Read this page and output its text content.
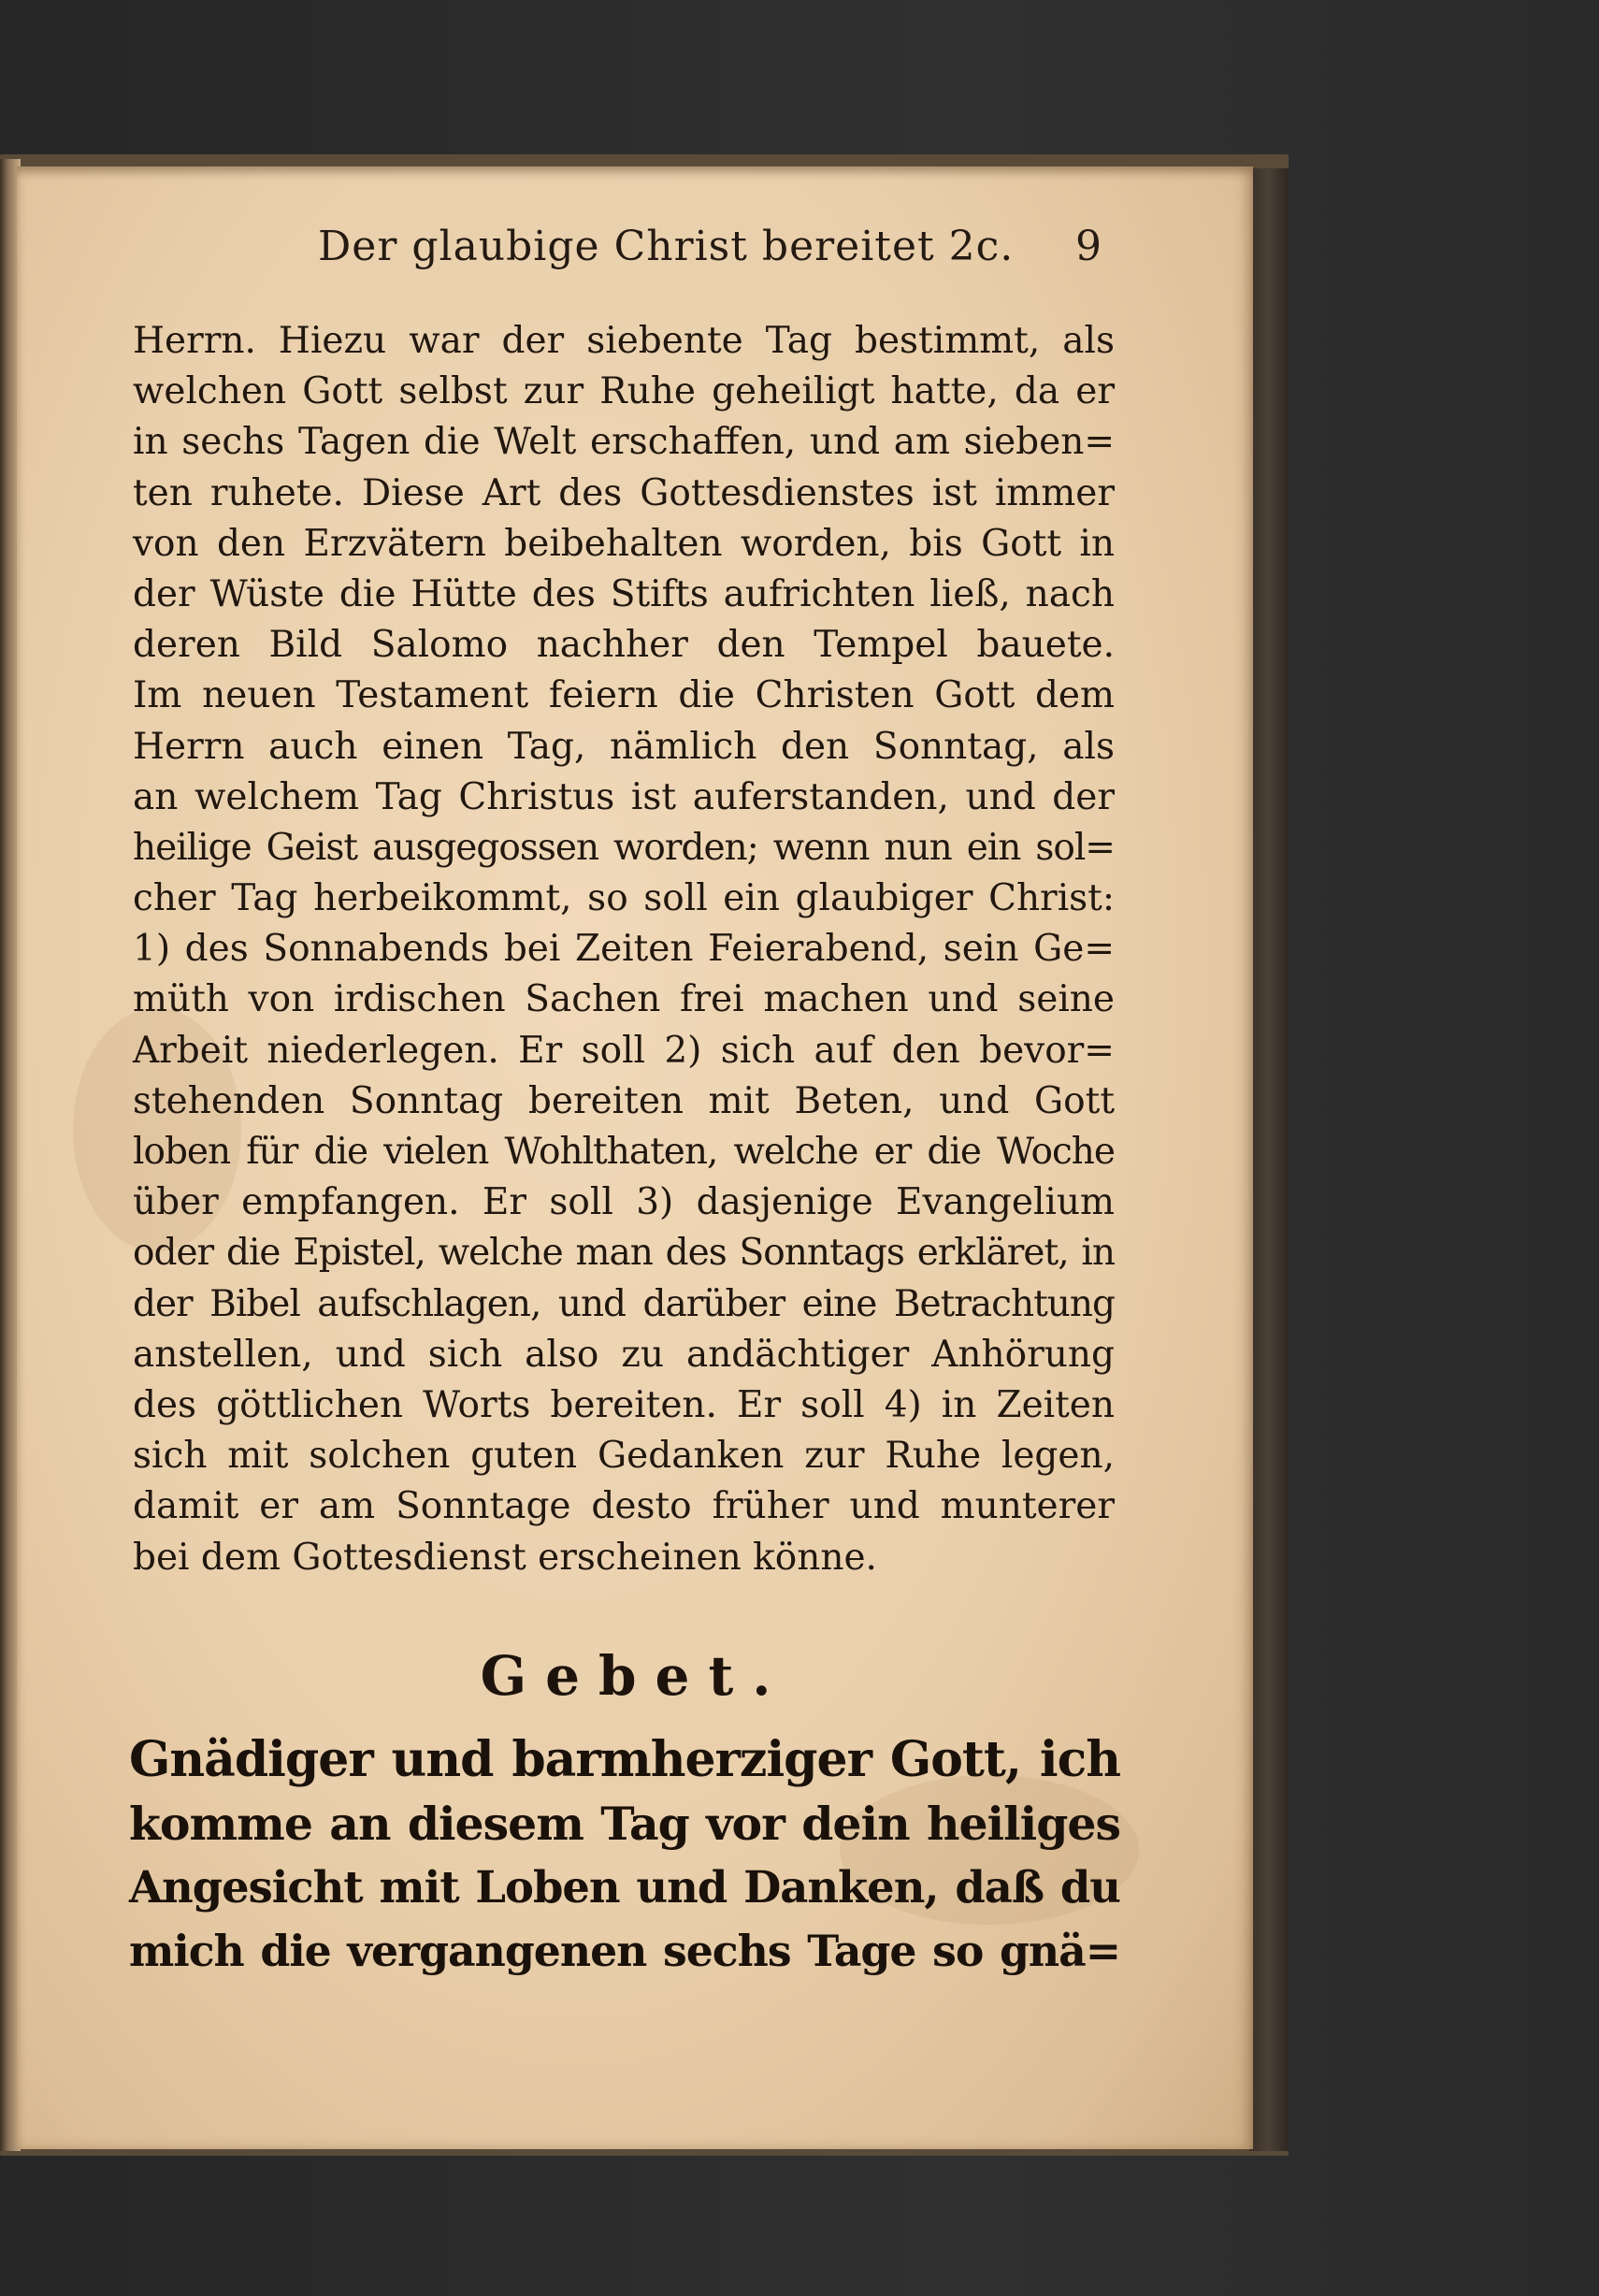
Der glaubige Christ bereitet 2c. 9
Herrn. Hiezu war der siebente Tag bestimmt, als
welchen Gott selbst zur Ruhe geheiligt hatte, da er
in sechs Tagen die Welt erschaffen, und am sieben=
ten ruhete. Diese Art des Gottesdienstes ist immer
von den Erzvätern beibehalten worden, bis Gott in
der Wüste die Hütte des Stifts aufrichten ließ, nach
deren Bild Salomo nachher den Tempel bauete.
Im neuen Testament feiern die Christen Gott dem
Herrn auch einen Tag, nämlich den Sonntag, als
an welchem Tag Christus ist auferstanden, und der
heilige Geist ausgegossen worden; wenn nun ein sol=
cher Tag herbeikommt, so soll ein glaubiger Christ:
1) des Sonnabends bei Zeiten Feierabend, sein Ge=
müth von irdischen Sachen frei machen und seine
Arbeit niederlegen. Er soll 2) sich auf den bevor=
stehenden Sonntag bereiten mit Beten, und Gott
loben für die vielen Wohlthaten, welche er die Woche
über empfangen. Er soll 3) dasjenige Evangelium
oder die Epistel, welche man des Sonntags erkläret, in
der Bibel aufschlagen, und darüber eine Betrachtung
anstellen, und sich also zu andächtiger Anhörung
des göttlichen Worts bereiten. Er soll 4) in Zeiten
sich mit solchen guten Gedanken zur Ruhe legen,
damit er am Sonntage desto früher und munterer
bei dem Gottesdienst erscheinen könne.
Gebet.
Gnädiger und barmherziger Gott, ich
komme an diesem Tag vor dein heiliges
Angesicht mit Loben und Danken, daß du
mich die vergangenen sechs Tage so gnä=
